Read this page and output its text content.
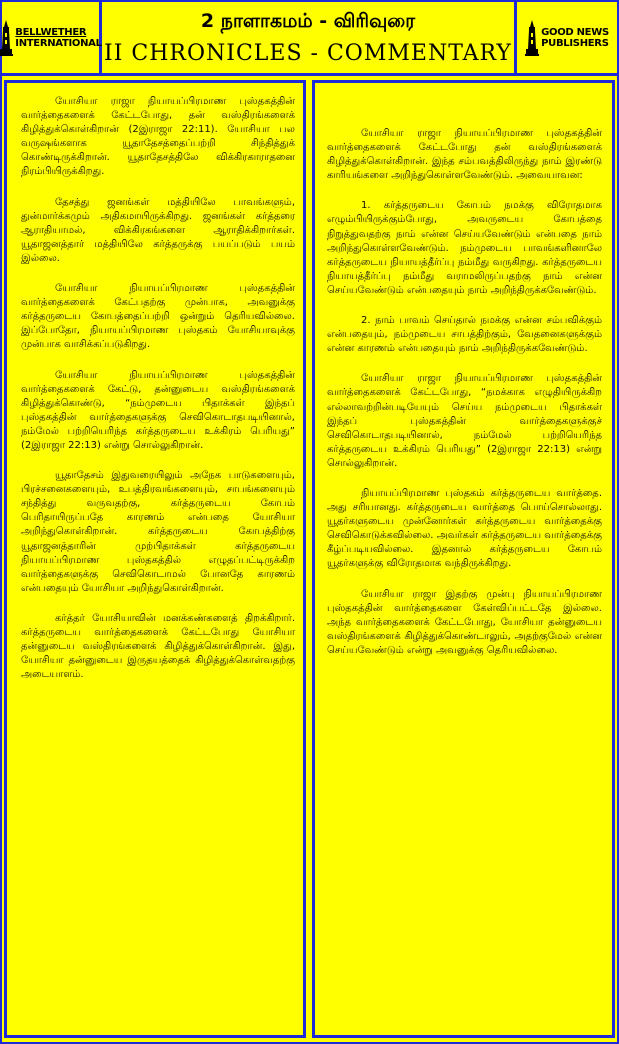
BELLWETHER
INTERNATIONAL
2 நாளாகமம் - விரிவுரை
II CHRONICLES - COMMENTARY
GOOD NEWS
PUBLISHERS

யோசியா ராஜா நியாயப்பிரமாண புஸ்தகத்தின் வார்த்தைகளைக் கேட்டபோது, தன் வஸ்திரங்களைக் கிழித்துக்கொள்கிறான் (2இராஜா 22:11). யோசியா பல வருஷங்களாக யூதாதேசத்தைப்பற்றி சிந்தித்துக் கொண்டிருக்கிறான். யூதாதேசத்திலே விக்கிரகாராதனை நிரம்பியிருக்கிறது.

தேசத்து ஜனங்கள் மத்தியிலே பாவங்களும், துன்மார்க்கமும் அதிகமாயிருக்கிறது. ஜனங்கள் கர்த்தரை ஆராதியாமல், விக்கிரகங்களை ஆராதிக்கிறார்கள். யூதாஜனத்தார் மத்தியிலே கர்த்தருக்கு பயப்படும் பயம் இல்லை.

யோசியா நியாயப்பிரமாண புஸ்தகத்தின் வார்த்தைகளைக் கேட்பதற்கு முன்பாக, அவனுக்கு கர்த்தருடைய கோபத்தைப்பற்றி ஒன்றும் தெரியவில்லை. இப்போதோ, நியாயப்பிரமாண புஸ்தகம் யோசியாவுக்கு முன்பாக வாசிக்கப்படுகிறது.

யோசியா நியாயப்பிரமாண புஸ்தகத்தின் வார்த்தைகளைக் கேட்டு, தன்னுடைய வஸ்திரங்களைக் கிழித்துக்கொண்டு, “நம்முடைய பிதாக்கள் இந்தப் புஸ்தகத்தின் வார்த்தைகளுக்கு செவிகொடாதபடியினால், நம்மேல் பற்றியெரிந்த கர்த்தருடைய உக்கிரம் பெரியது” (2இராஜா 22:13) என்று சொல்லுகிறான்.

யூதாதேசம் இதுவரையிலும் அநேக பாடுகளையும், பிரச்சனைகளையும், உபத்திரவங்களையும், சாபங்களையும் சந்தித்து வருவதற்கு, கர்த்தருடைய கோபம் பெரிதாயிருப்பதே காரணம் என்பதை யோசியா அறிந்துகொள்கிறான். கர்த்தருடைய கோபத்திற்கு யூதாஜனத்தாரின் முற்பிதாக்கள் கர்த்தருடைய நியாயப்பிரமாண புஸ்தகத்தில் எழுதப்பட்டிருக்கிற வார்த்தைகளுக்கு செவிகொடாமல் போனதே காரணம் என்பதையும் யோசியா அறிந்துகொள்கிறான்.

கர்த்தர் யோசியாவின் மனக்கண்களைத் திறக்கிறார். கர்த்தருடைய வார்த்தைகளைக் கேட்டபோது யோசியா தன்னுடைய வஸ்திரங்களைக் கிழித்துக்கொள்கிறான். இது, யோசியா தன்னுடைய இருதயத்தைக் கிழித்துக்கொள்வதற்கு அடையாளம்.

யோசியா ராஜா நியாயப்பிரமாண புஸ்தகத்தின் வார்த்தைகளைக் கேட்டபோது தன் வஸ்திரங்களைக் கிழித்துக்கொள்கிறான். இந்த சம்பவத்திலிருந்து நாம் இரண்டு காரியங்களை அறிந்துகொள்ளவேண்டும். அவையாவன:

1. கர்த்தருடைய கோபம் நமக்கு விரோதமாக எழும்பியிருக்கும்போது, அவருடைய கோபத்தை நிறுத்துவதற்கு நாம் என்ன செய்யவேண்டும் என்பதை நாம் அறிந்துகொள்ளவேண்டும். நம்முடைய பாவங்களினாலே கர்த்தருடைய நியாயத்தீர்ப்பு நம்மீது வருகிறது. கர்த்தருடைய நியாயத்தீர்ப்பு நம்மீது வராமலிருப்பதற்கு நாம் என்ன செய்யவேண்டும் என்பதையும் நாம் அறிந்திருக்கவேண்டும்.

2. நாம் பாவம் செய்தால் நமக்கு என்ன சம்பவிக்கும் என்பதையும், நம்முடைய சாபத்திற்கும், வேதனைகளுக்கும் என்ன காரணம் என்பதையும் நாம் அறிந்திருக்கவேண்டும்.

யோசியா ராஜா நியாயப்பிரமாண புஸ்தகத்தின் வார்த்தைகளைக் கேட்டபோது, “நமக்காக எழுதியிருக்கிற எல்லாவற்றின்படியேயும் செய்ய நம்முடைய பிதாக்கள் இந்தப் புஸ்தகத்தின் வார்த்தைகளுக்குச் செவிகொடாதபடியினால், நம்மேல் பற்றியெரிந்த கர்த்தருடைய உக்கிரம் பெரியது” (2இராஜா 22:13) என்று சொல்லுகிறான்.

நியாயப்பிரமாண புஸ்தகம் கர்த்தருடைய வார்த்தை. அது சரியானது. கர்த்தருடைய வார்த்தை பொய்சொல்லாது. யூதர்களுடைய முன்னோர்கள் கர்த்தருடைய வார்த்தைக்கு செவிகொடுக்கவில்லை. அவர்கள் கர்த்தருடைய வார்த்தைக்கு கீழ்ப்படியவில்லை. இதனால் கர்த்தருடைய கோபம் யூதர்களுக்கு விரோதமாக வந்திருக்கிறது.

யோசியா ராஜா இதற்கு முன்பு நியாயப்பிரமாண புஸ்தகத்தின் வார்த்தைகளை கேள்விப்பட்டதே இல்லை. அந்த வார்த்தைகளைக் கேட்டபோது, யோசியா தன்னுடைய வஸ்திரங்களைக் கிழித்துக்கொண்டாலும், அதற்குமேல் என்ன செய்யவேண்டும் என்று அவனுக்கு தெரியவில்லை.
